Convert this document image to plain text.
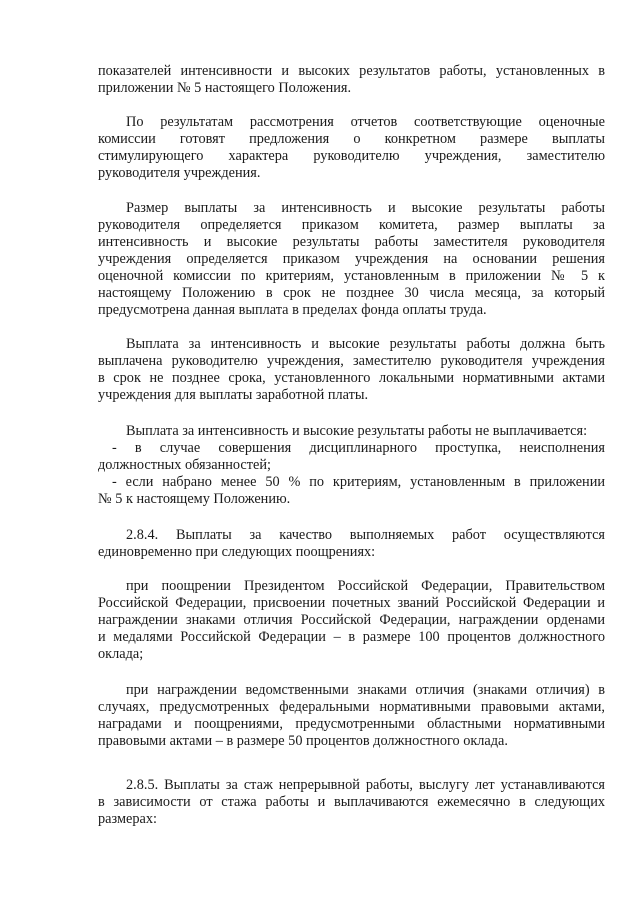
показателей интенсивности и высоких результатов работы, установленных в
приложении № 5 настоящего Положения.
По результатам рассмотрения отчетов соответствующие оценочные
комиссии готовят предложения о конкретном размере выплаты
стимулирующего характера руководителю учреждения, заместителю
руководителя учреждения.
Размер выплаты за интенсивность и высокие результаты работы
руководителя определяется приказом комитета, размер выплаты за
интенсивность и высокие результаты работы заместителя руководителя
учреждения определяется приказом учреждения на основании решения
оценочной комиссии по критериям, установленным в приложении № 5 к
настоящему Положению в срок не позднее 30 числа месяца, за который
предусмотрена данная выплата в пределах фонда оплаты труда.
Выплата за интенсивность и высокие результаты работы должна быть
выплачена руководителю учреждения, заместителю руководителя учреждения
в срок не позднее срока, установленного локальными нормативными актами
учреждения для выплаты заработной платы.
Выплата за интенсивность и высокие результаты работы не выплачивается:
- в случае совершения дисциплинарного проступка, неисполнения
должностных обязанностей;
- если набрано менее 50 % по критериям, установленным в приложении
№ 5 к настоящему Положению.
2.8.4. Выплаты за качество выполняемых работ осуществляются
единовременно при следующих поощрениях:
при поощрении Президентом Российской Федерации, Правительством
Российской Федерации, присвоении почетных званий Российской Федерации и
награждении знаками отличия Российской Федерации, награждении орденами
и медалями Российской Федерации – в размере 100 процентов должностного
оклада;
при награждении ведомственными знаками отличия (знаками отличия) в
случаях, предусмотренных федеральными нормативными правовыми актами,
наградами и поощрениями, предусмотренными областными нормативными
правовыми актами – в размере 50 процентов должностного оклада.
2.8.5. Выплаты за стаж непрерывной работы, выслугу лет устанавливаются
в зависимости от стажа работы и выплачиваются ежемесячно в следующих
размерах:
